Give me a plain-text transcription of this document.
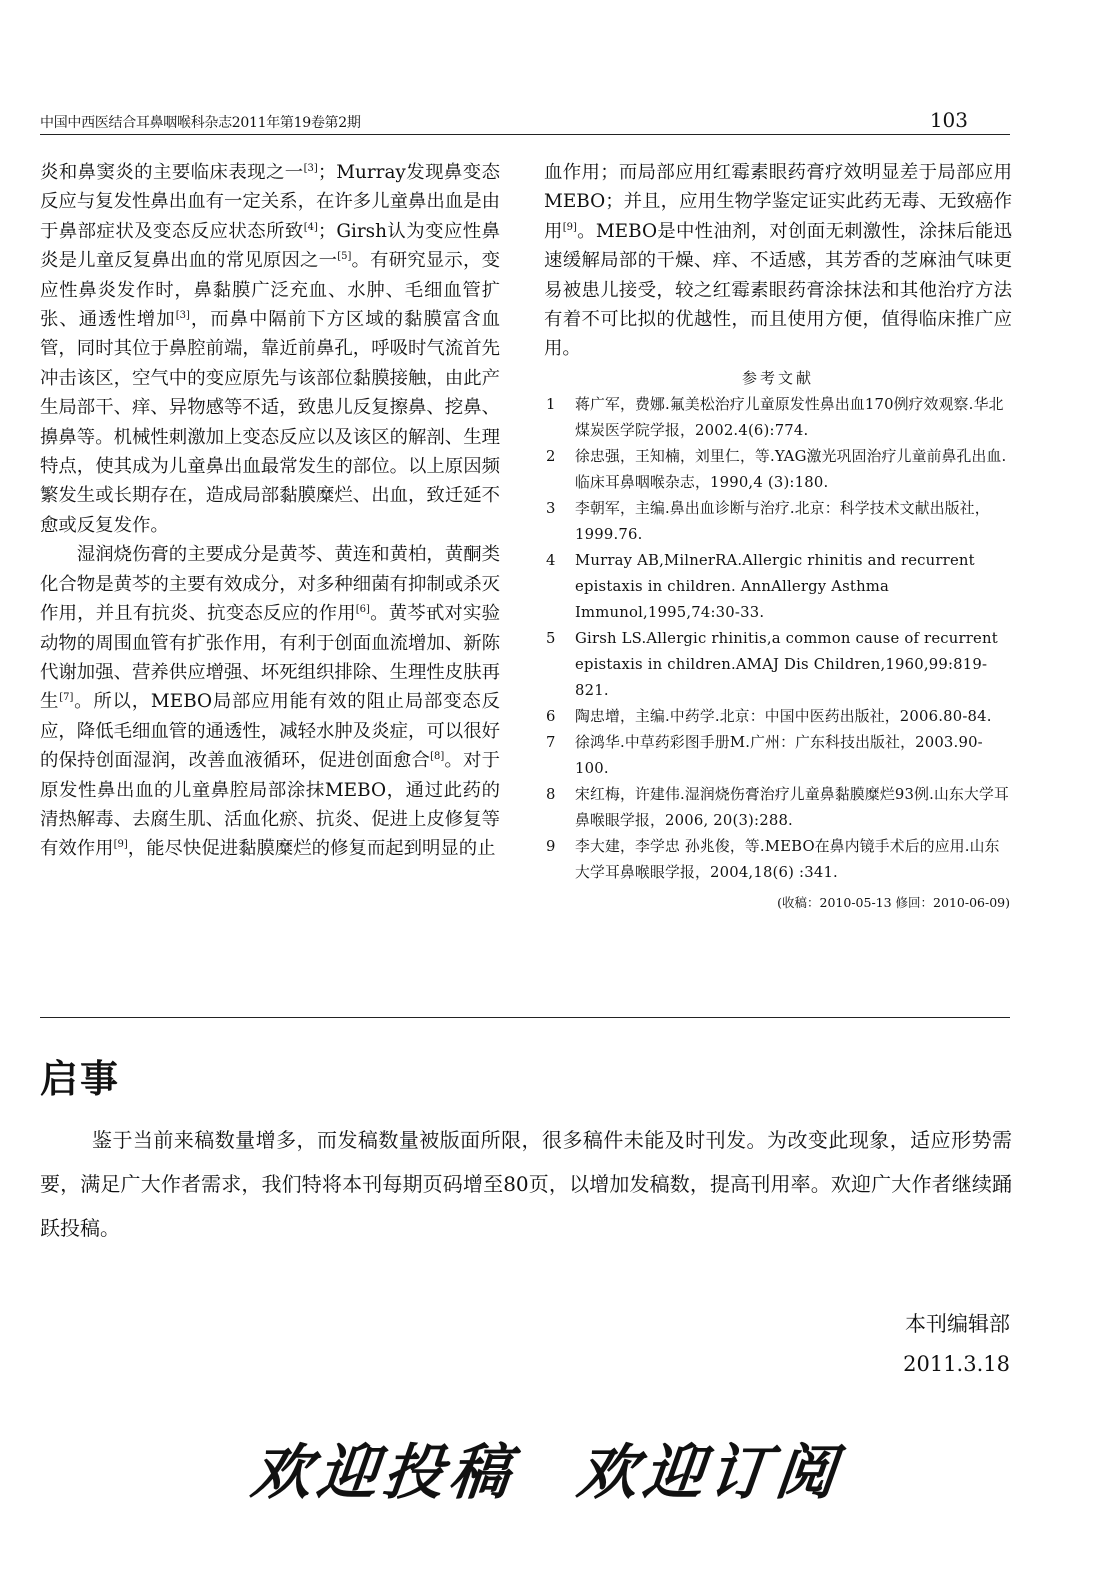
中国中西医结合耳鼻咽喉科杂志2011年第19卷第2期	103

炎和鼻窦炎的主要临床表现之一[3]；Murray发现鼻变态反应与复发性鼻出血有一定关系，在许多儿童鼻出血是由于鼻部症状及变态反应状态所致[4]；Girsh认为变应性鼻炎是儿童反复鼻出血的常见原因之一[5]。有研究显示，变应性鼻炎发作时，鼻黏膜广泛充血、水肿、毛细血管扩张、通透性增加[3]，而鼻中隔前下方区域的黏膜富含血管，同时其位于鼻腔前端，靠近前鼻孔，呼吸时气流首先冲击该区，空气中的变应原先与该部位黏膜接触，由此产生局部干、痒、异物感等不适，致患儿反复擦鼻、挖鼻、擤鼻等。机械性刺激加上变态反应以及该区的解剖、生理特点，使其成为儿童鼻出血最常发生的部位。以上原因频繁发生或长期存在，造成局部黏膜糜烂、出血，致迁延不愈或反复发作。

湿润烧伤膏的主要成分是黄芩、黄连和黄柏，黄酮类化合物是黄芩的主要有效成分，对多种细菌有抑制或杀灭作用，并且有抗炎、抗变态反应的作用[6]。黄芩甙对实验动物的周围血管有扩张作用，有利于创面血流增加、新陈代谢加强、营养供应增强、坏死组织排除、生理性皮肤再生[7]。所以，MEBO局部应用能有效的阻止局部变态反应，降低毛细血管的通透性，减轻水肿及炎症，可以很好的保持创面湿润，改善血液循环，促进创面愈合[8]。对于原发性鼻出血的儿童鼻腔局部涂抹MEBO，通过此药的清热解毒、去腐生肌、活血化瘀、抗炎、促进上皮修复等有效作用[9]，能尽快促进黏膜糜烂的修复而起到明显的止

血作用；而局部应用红霉素眼药膏疗效明显差于局部应用MEBO；并且，应用生物学鉴定证实此药无毒、无致癌作用[9]。MEBO是中性油剂，对创面无刺激性，涂抹后能迅速缓解局部的干燥、痒、不适感，其芳香的芝麻油气味更易被患儿接受，较之红霉素眼药膏涂抹法和其他治疗方法有着不可比拟的优越性，而且使用方便，值得临床推广应用。

参考文献
1 蒋广军，费娜.氟美松治疗儿童原发性鼻出血170例疗效观察.华北煤炭医学院学报，2002.4(6):774.
2 徐忠强，王知楠，刘里仁，等.YAG激光巩固治疗儿童前鼻孔出血.临床耳鼻咽喉杂志，1990,4 (3):180.
3 李朝军，主编.鼻出血诊断与治疗.北京：科学技术文献出版社，1999.76.
4 Murray AB,MilnerRA.Allergic rhinitis and recurrent epistaxis in children. AnnAllergy Asthma Immunol,1995,74:30-33.
5 Girsh LS.Allergic rhinitis,a common cause of recurrent epistaxis in children.AMAJ Dis Children,1960,99:819-821.
6 陶忠增，主编.中药学.北京：中国中医药出版社，2006.80-84.
7 徐鸿华.中草药彩图手册M.广州：广东科技出版社，2003.90-100.
8 宋红梅，许建伟.湿润烧伤膏治疗儿童鼻黏膜糜烂93例.山东大学耳鼻喉眼学报，2006, 20(3):288.
9 李大建，李学忠 孙兆俊，等.MEBO在鼻内镜手术后的应用.山东大学耳鼻喉眼学报，2004,18(6) :341.
(收稿：2010-05-13 修回：2010-06-09)
启事

鉴于当前来稿数量增多，而发稿数量被版面所限，很多稿件未能及时刊发。为改变此现象，适应形势需要，满足广大作者需求，我们特将本刊每期页码增至80页，以增加发稿数，提高刊用率。欢迎广大作者继续踊跃投稿。

本刊编辑部
2011.3.18
欢迎投稿 欢迎订阅
